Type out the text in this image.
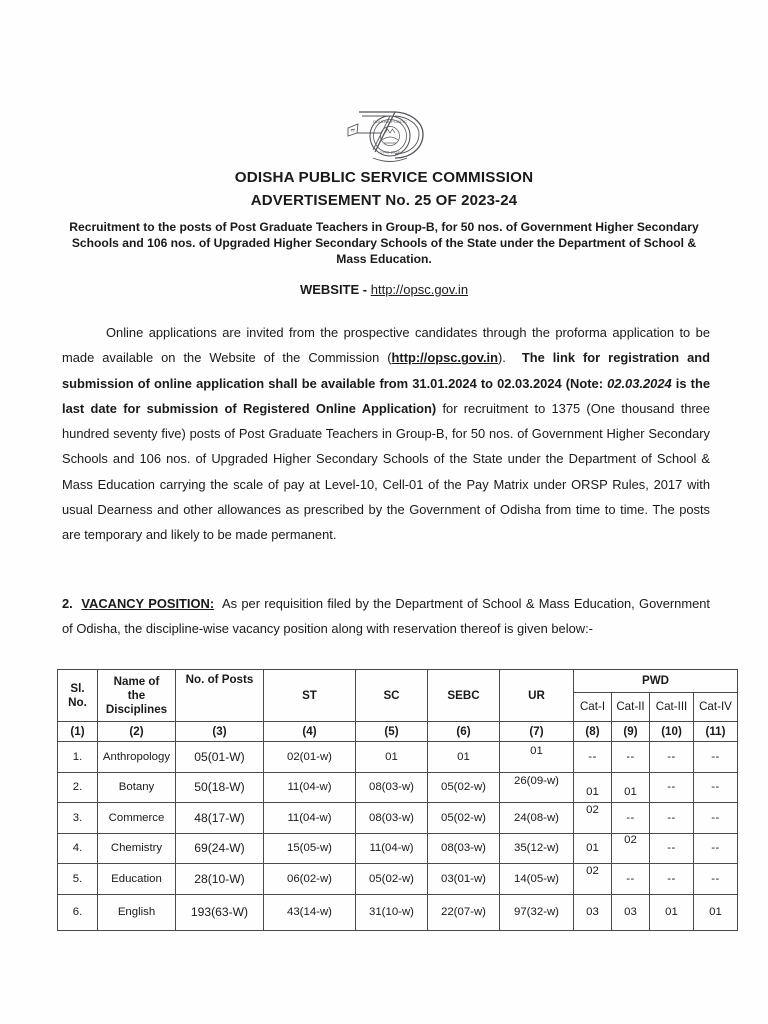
ODISHA PUBLIC
1949-2024
75
ODISHA PUBLIC SERVICE COMMISSION
ADVERTISEMENT No. 25 OF 2023-24
Recruitment to the posts of Post Graduate Teachers in Group-B, for 50 nos. of Government Higher Secondary Schools and 106 nos. of Upgraded Higher Secondary Schools of the State under the Department of School & Mass Education.
WEBSITE - http://opsc.gov.in
Online applications are invited from the prospective candidates through the proforma application to be made available on the Website of the Commission (http://opsc.gov.in). The link for registration and submission of online application shall be available from 31.01.2024 to 02.03.2024 (Note: 02.03.2024 is the last date for submission of Registered Online Application) for recruitment to 1375 (One thousand three hundred seventy five) posts of Post Graduate Teachers in Group-B, for 50 nos. of Government Higher Secondary Schools and 106 nos. of Upgraded Higher Secondary Schools of the State under the Department of School & Mass Education carrying the scale of pay at Level-10, Cell-01 of the Pay Matrix under ORSP Rules, 2017 with usual Dearness and other allowances as prescribed by the Government of Odisha from time to time. The posts are temporary and likely to be made permanent.
2. VACANCY POSITION: As per requisition filed by the Department of School & Mass Education, Government of Odisha, the discipline-wise vacancy position along with reservation thereof is given below:-
Sl.
No.	Name of
the
Disciplines	No. of Posts	ST	SC	SEBC	UR	PWD			
							Cat-I	Cat-II	Cat-III	Cat-IV
(1)	(2)	(3)	(4)	(5)	(6)	(7)	(8)	(9)	(10)	(11)
1.	Anthropology	05(01-W)	02(01-w)	01	01	01	--	--	--	--
2.	Botany	50(18-W)	11(04-w)	08(03-w)	05(02-w)	26(09-w)	01	01	--	--
3.	Commerce	48(17-W)	11(04-w)	08(03-w)	05(02-w)	24(08-w)	02	--	--	--
4.	Chemistry	69(24-W)	15(05-w)	11(04-w)	08(03-w)	35(12-w)	01	02	--	--
5.	Education	28(10-W)	06(02-w)	05(02-w)	03(01-w)	14(05-w)	02	--	--	--
6.	English	193(63-W)	43(14-w)	31(10-w)	22(07-w)	97(32-w)	03	03	01	01
